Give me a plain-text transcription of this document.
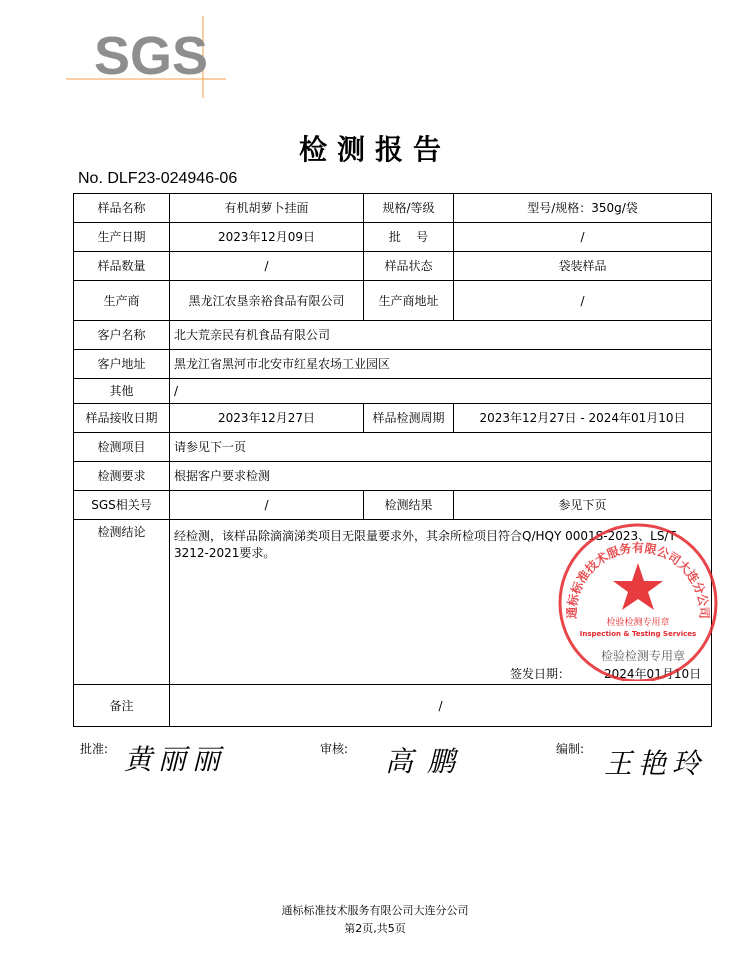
SGS
检测报告
No. DLF23-024946-06
样品名称	有机胡萝卜挂面	规格/等级	型号/规格：350g/袋
生产日期	2023年12月09日	批    号	/
样品数量	/	样品状态	袋装样品
生产商	黑龙江农垦亲裕食品有限公司	生产商地址	/
客户名称	北大荒亲民有机食品有限公司		
客户地址	黑龙江省黑河市北安市红星农场工业园区		
其他	/		
样品接收日期	2023年12月27日	样品检测周期	2023年12月27日 - 2024年01月10日
检测项目	请参见下一页		
检测要求	根据客户要求检测		
SGS相关号	/	检测结果	参见下页
检测结论	经检测，该样品除滴滴涕类项目无限量要求外，其余所检项目符合Q/HQY 0001S-2023、LS/T 3212-2021要求。
签发日期： 2024年01月10日		

备注	/		
通标标准技术服务有限公司大连分公司
检验检测专用章
Inspection & Testing Services
检验检测专用章
批准: 黄丽丽	审核: 高鹏	编制: 王艳玲
通标标准技术服务有限公司大连分公司
第2页,共5页
